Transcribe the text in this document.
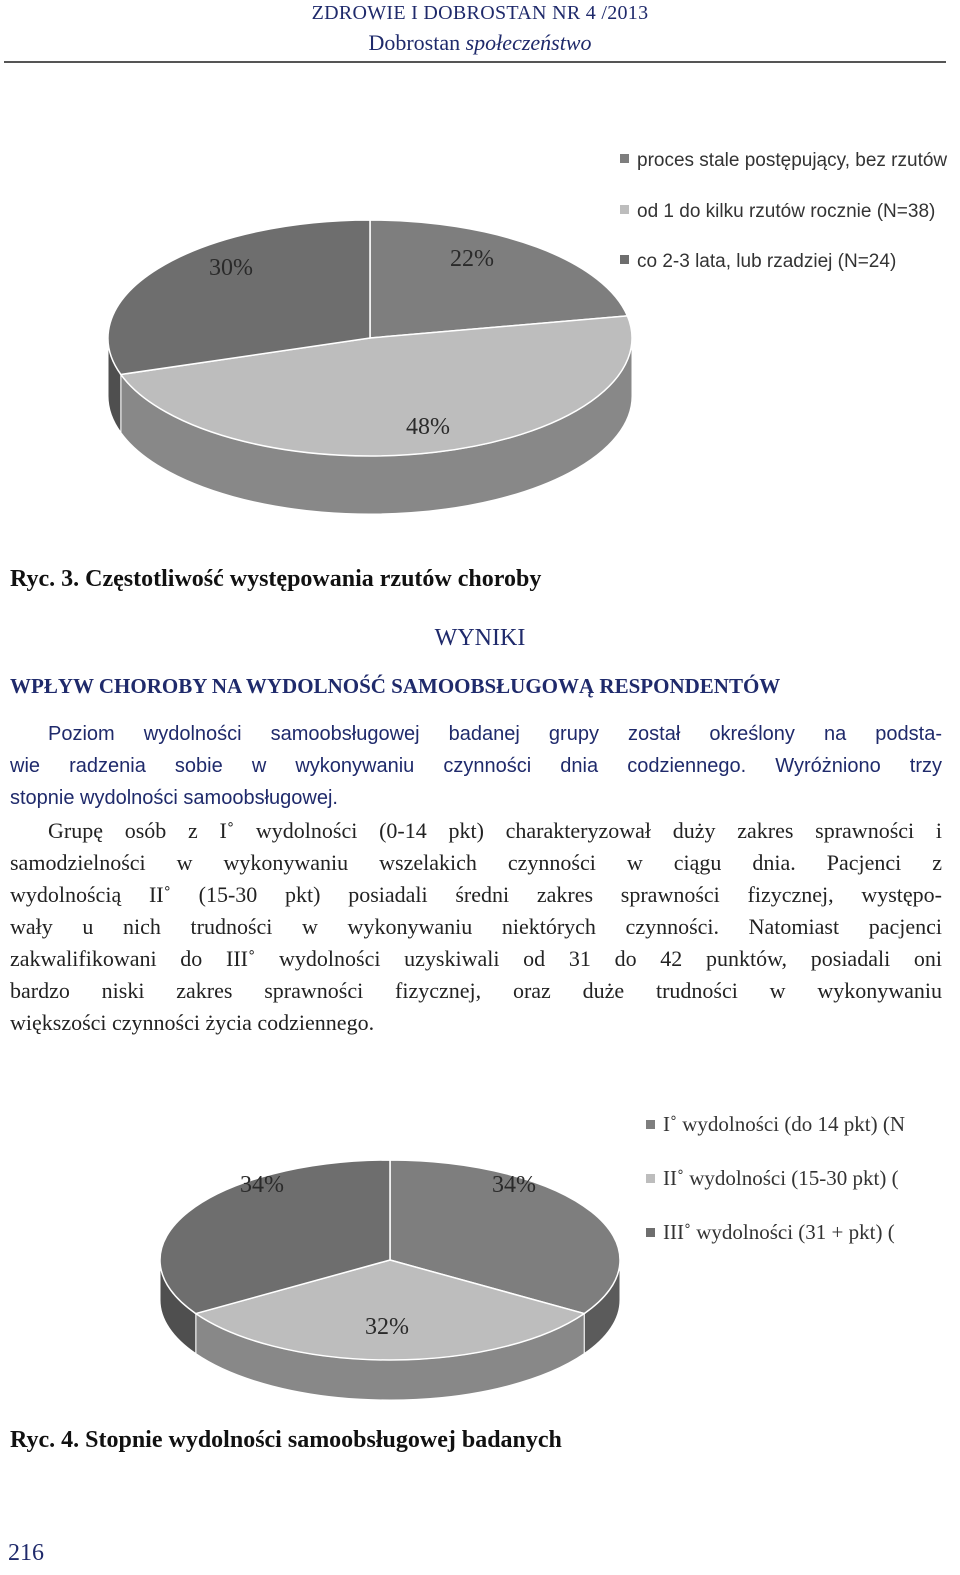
ZDROWIE I DOBROSTAN NR 4 /2013
Dobrostan społeczeństwo
22%
48%
30%
proces stale postępujący, bez rzutów
od 1 do kilku rzutów rocznie (N=38)
co 2-3 lata, lub rzadziej (N=24)
Ryc. 3. Częstotliwość występowania rzutów choroby
WYNIKI
WPŁYW CHOROBY NA WYDOLNOŚĆ SAMOOBSŁUGOWĄ RESPONDENTÓW
Poziom wydolności samoobsługowej badanej grupy został określony na podsta-
wie radzenia sobie w wykonywaniu czynności dnia codziennego. Wyróżniono trzy
stopnie wydolności samoobsługowej.
Grupę osób z I˚ wydolności (0-14 pkt) charakteryzował duży zakres sprawności i
samodzielności w wykonywaniu wszelakich czynności w ciągu dnia. Pacjenci z
wydolnością II˚ (15-30 pkt) posiadali średni zakres sprawności fizycznej, występo-
wały u nich trudności w wykonywaniu niektórych czynności. Natomiast pacjenci
zakwalifikowani do III˚ wydolności uzyskiwali od 31 do 42 punktów, posiadali oni
bardzo niski zakres sprawności fizycznej, oraz duże trudności w wykonywaniu
większości czynności życia codziennego.
34%
32%
34%
I˚ wydolności (do 14 pkt) (N
II˚ wydolności (15-30 pkt) (
III˚ wydolności (31 + pkt) (
Ryc. 4. Stopnie wydolności samoobsługowej badanych
216
